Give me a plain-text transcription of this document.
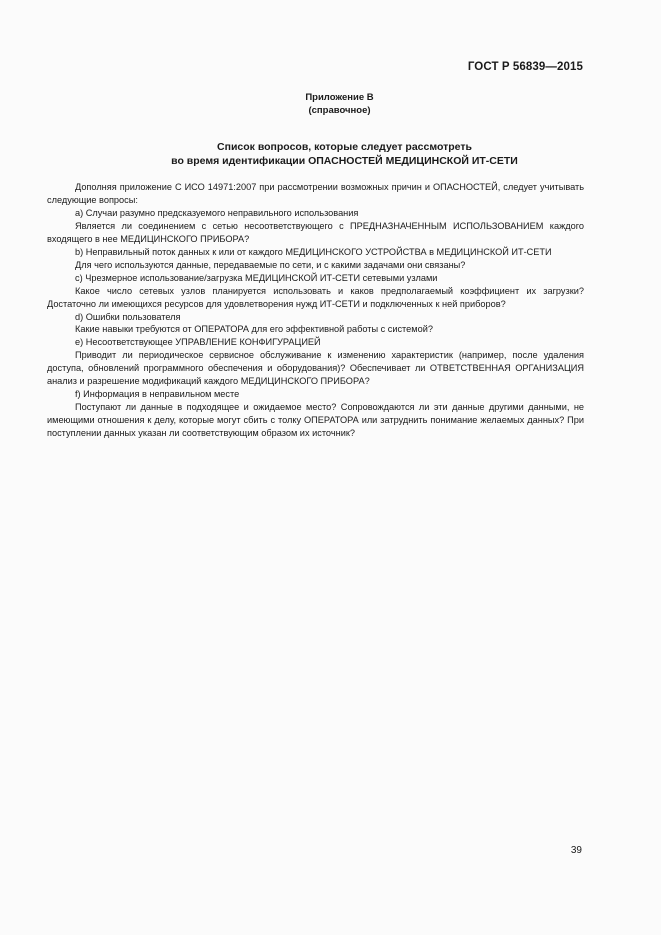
ГОСТ Р 56839—2015
Приложение В
(справочное)
Список вопросов, которые следует рассмотреть
во время идентификации ОПАСНОСТЕЙ МЕДИЦИНСКОЙ ИТ-СЕТИ

Дополняя приложение С ИСО 14971:2007 при рассмотрении возможных причин и ОПАСНОСТЕЙ, следует учитывать следующие вопросы:

a) Случаи разумно предсказуемого неправильного использования

Является ли соединением с сетью несоответствующего с ПРЕДНАЗНАЧЕННЫМ ИСПОЛЬЗОВАНИЕМ каждого входящего в нее МЕДИЦИНСКОГО ПРИБОРА?

b) Неправильный поток данных к или от каждого МЕДИЦИНСКОГО УСТРОЙСТВА в МЕДИЦИНСКОЙ ИТ-СЕТИ

Для чего используются данные, передаваемые по сети, и с какими задачами они связаны?

c) Чрезмерное использование/загрузка МЕДИЦИНСКОЙ ИТ-СЕТИ сетевыми узлами

Какое число сетевых узлов планируется использовать и каков предполагаемый коэффициент их загрузки? Достаточно ли имеющихся ресурсов для удовлетворения нужд ИТ-СЕТИ и подключенных к ней приборов?

d) Ошибки пользователя

Какие навыки требуются от ОПЕРАТОРА для его эффективной работы с системой?

e) Несоответствующее УПРАВЛЕНИЕ КОНФИГУРАЦИЕЙ

Приводит ли периодическое сервисное обслуживание к изменению характеристик (например, после удаления доступа, обновлений программного обеспечения и оборудования)? Обеспечивает ли ОТВЕТСТВЕННАЯ ОРГАНИЗАЦИЯ анализ и разрешение модификаций каждого МЕДИЦИНСКОГО ПРИБОРА?

f) Информация в неправильном месте

Поступают ли данные в подходящее и ожидаемое место? Сопровождаются ли эти данные другими данными, не имеющими отношения к делу, которые могут сбить с толку ОПЕРАТОРА или затруднить понимание желаемых данных? При поступлении данных указан ли соответствующим образом их источник?

39
